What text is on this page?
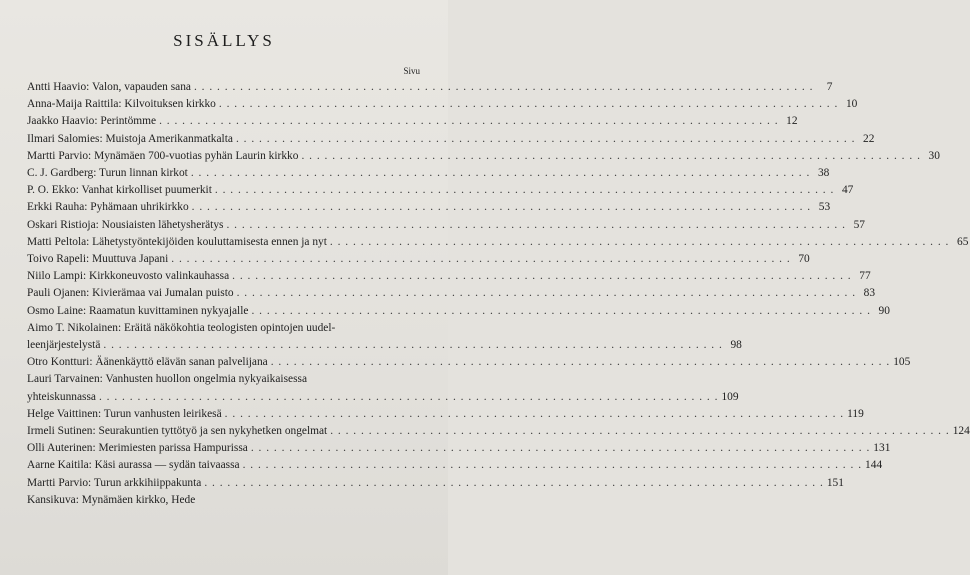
SISÄLLYS
Sivu
Antti Haavio: Valon, vapauden sana . . .	7
Anna-Maija Raittila: Kilvoituksen kirkko . . .	10
Jaakko Haavio: Perintömme . . .	12
Ilmari Salomies: Muistoja Amerikanmatkalta . . .	22
Martti Parvio: Mynämäen 700-vuotias pyhän Laurin kirkko . . .	30
C. J. Gardberg: Turun linnan kirkot . . .	38
P. O. Ekko: Vanhat kirkolliset puumerkit . . .	47
Erkki Rauha: Pyhämaan uhrikirkko . . .	53
Oskari Ristioja: Nousiaisten lähetysherätys . . .	57
Matti Peltola: Lähetystyöntekijöiden kouluttamisesta ennen ja nyt . . .	65
Toivo Rapeli: Muuttuva Japani . . .	70
Niilo Lampi: Kirkkoneuvosto valinkauhassa . . .	77
Pauli Ojanen: Kivierämaa vai Jumalan puisto . . .	83
Osmo Laine: Raamatun kuvittaminen nykyajalle . . .	90
Aimo T. Nikolainen: Eräitä näkökohtia teologisten opintojen uudel-
leenjärjestelystä . . .	98
Otro Kontturi: Äänenkäyttö elävän sanan palvelijana . . .	105
Lauri Tarvainen: Vanhusten huollon ongelmia nykyaikaisessa
yhteiskunnassa . . .	109
Helge Vaittinen: Turun vanhusten leirikesä . . .	119
Irmeli Sutinen: Seurakuntien tyttötyö ja sen nykyhetken ongelmat . . .	124
Olli Auterinen: Merimiesten parissa Hampurissa . . .	131
Aarne Kaitila: Käsi aurassa — sydän taivaassa . . .	144
Martti Parvio: Turun arkkihiippakunta . . .	151
Kansikuva: Mynämäen kirkko, Hede
